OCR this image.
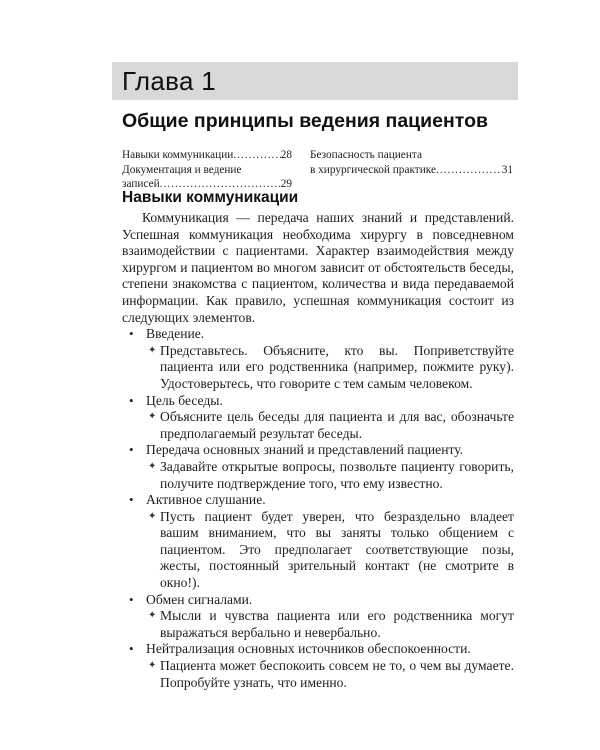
Глава 1
Общие принципы ведения пациентов
Навыки коммуникации .....	28
Документация и ведение
записей .....	29
Безопасность пациента
в хирургической практике .....	31
Навыки коммуникации

Коммуникация — передача наших знаний и представлений. Успешная коммуникация необходима хирургу в повседневном взаимодействии с пациентами. Характер взаимодействия между хирургом и пациентом во многом зависит от обстоятельств беседы, степени знакомства с пациентом, количества и вида передаваемой информации. Как правило, успешная коммуникация состоит из следующих элементов.

• Введение.
✦ Представьтесь. Объясните, кто вы. Поприветствуйте пациента или его родственника (например, пожмите руку). Удостоверьтесь, что говорите с тем самым человеком.
• Цель беседы.
✦ Объясните цель беседы для пациента и для вас, обозначьте предполагаемый результат беседы.
• Передача основных знаний и представлений пациенту.
✦ Задавайте открытые вопросы, позвольте пациенту говорить, получите подтверждение того, что ему известно.
• Активное слушание.
✦ Пусть пациент будет уверен, что безраздельно владеет вашим вниманием, что вы заняты только общением с пациентом. Это предполагает соответствующие позы, жесты, постоянный зрительный контакт (не смотрите в окно!).
• Обмен сигналами.
✦ Мысли и чувства пациента или его родственника могут выражаться вербально и невербально.
• Нейтрализация основных источников обеспокоенности.
✦ Пациента может беспокоить совсем не то, о чем вы думаете. Попробуйте узнать, что именно.
